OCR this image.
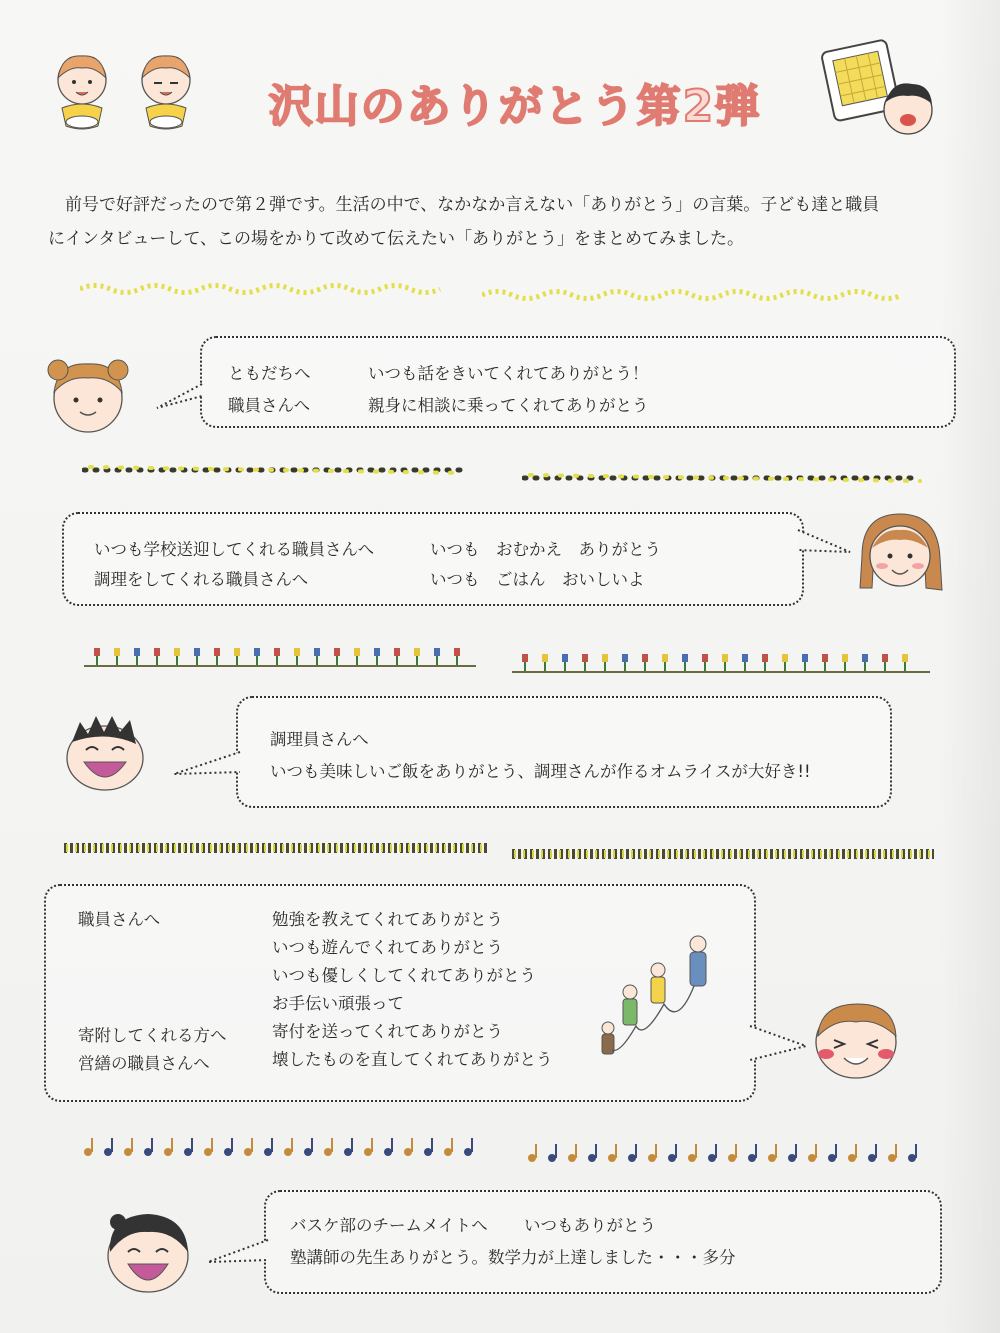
沢山のありがとう第2弾

前号で好評だったので第２弾です。生活の中で、なかなか言えない「ありがとう」の言葉。子ども達と職員

にインタビューして、この場をかりて改めて伝えたい「ありがとう」をまとめてみました。

ともだちへ	いつも話をきいてくれてありがとう！
職員さんへ	親身に相談に乗ってくれてありがとう
いつも学校送迎してくれる職員さんへ	いつも　おむかえ　ありがとう
調理をしてくれる職員さんへ	いつも　ごはん　おいしいよ
調理員さんへ
いつも美味しいご飯をありがとう、調理さんが作るオムライスが大好き!!
職員さんへ	勉強を教えてくれてありがとう
いつも遊んでくれてありがとう
いつも優しくしてくれてありがとう
お手伝い頑張って
寄附してくれる方へ	寄付を送ってくれてありがとう
営繕の職員さんへ	壊したものを直してくれてありがとう
バスケ部のチームメイトへ いつもありがとう
塾講師の先生ありがとう。数学力が上達しました・・・多分
